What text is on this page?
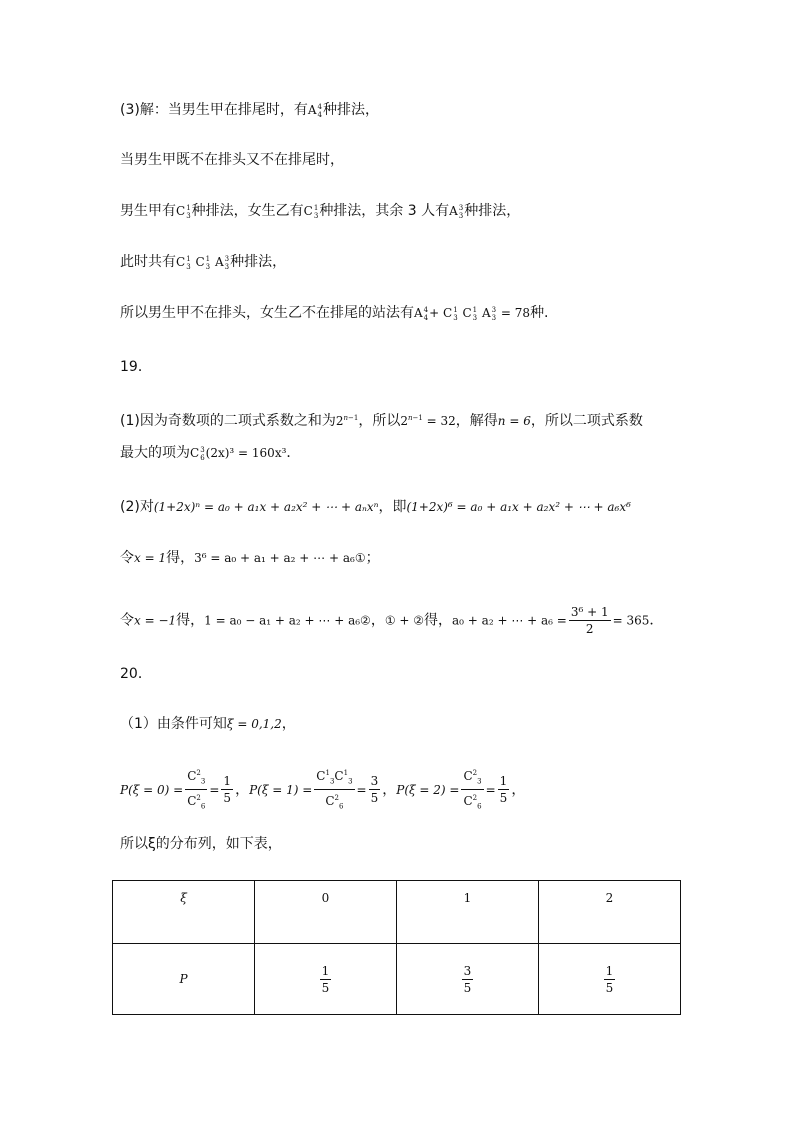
(3)解：当男生甲在排尾时，有A 4
4 种排法，
当男生甲既不在排头又不在排尾时，
男生甲有C 1
3 种排法，女生乙有C 1
3 种排法，其余 3 人有A 3
3 种排法，
此时共有C 1
3 C 1
3 A 3
3 种排法，
所以男生甲不在排头，女生乙不在排尾的站法有A 4
4 + C 1
3 C 1
3 A 3
3 = 78种.
19．
(1)因为奇数项的二项式系数之和为$2^{n-1}$，所以$2^{n-1} = 32$，解得n = 6，所以二项式系数
最大的项为C 3
6 (2x)³ = 160x³．
(2)对(1+2x)ⁿ = a₀ + a₁x + a₂x² + ⋯ + aₙxⁿ，即(1+2x)⁶ = a₀ + a₁x + a₂x² + ⋯ + a₆x⁶
令x = 1得，3⁶ = a₀ + a₁ + a₂ + ⋯ + a₆①；
令x = −1得，1 = a₀ − a₁ + a₂ + ⋯ + a₆②，① + ②得，a₀ + a₂ + ⋯ + $a_6 = \frac{\text{3⁶ + 1}}{2} = 365$．
20．
（1）由条件可知ξ = 0,1,2，
$P(\xi = 0) = \frac{C^2_3}{C^2_6} = \frac{1}{5}$ ，$P(\xi = 1) = \frac{C^1_3C^1_3}{C^2_6} = \frac{3}{5}$ ，$P(\xi = 2) = \frac{C^2_3}{C^2_6} = \frac{1}{5}$ ，
所以ξ的分布列，如下表，
ξ	0	1	2
P	$\frac{1}{5}$	$\frac{3}{5}$	$\frac{1}{5}$
